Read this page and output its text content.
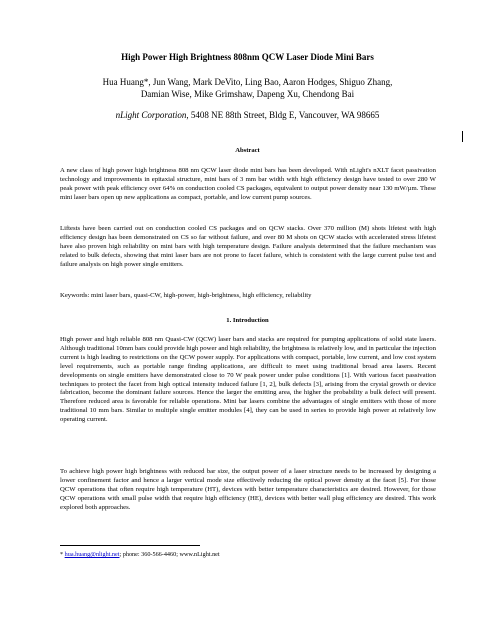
High Power High Brightness 808nm QCW Laser Diode Mini Bars
Hua Huang*, Jun Wang, Mark DeVito, Ling Bao, Aaron Hodges, Shiguo Zhang,
Damian Wise, Mike Grimshaw, Dapeng Xu, Chendong Bai
nLight Corporation, 5408 NE 88th Street, Bldg E, Vancouver, WA 98665
Abstract

A new class of high power high brightness 808 nm QCW laser diode mini bars has been developed. With nLight's nXLT facet passivation technology and improvements in epitaxial structure, mini bars of 3 mm bar width with high efficiency design have tested to over 280 W peak power with peak efficiency over 64% on conduction cooled CS packages, equivalent to output power density near 130 mW/µm. These mini laser bars open up new applications as compact, portable, and low current pump sources.

Liftests have been carried out on conduction cooled CS packages and on QCW stacks. Over 370 million (M) shots lifetest with high efficiency design has been demonstrated on CS so far without failure, and over 80 M shots on QCW stacks with accelerated stress lifetest have also proven high reliability on mini bars with high temperature design. Failure analysis determined that the failure mechanism was related to bulk defects, showing that mini laser bars are not prone to facet failure, which is consistent with the large current pulse test and failure analysis on high power single emitters.

Keywords: mini laser bars, quasi-CW, high-power, high-brightness, high efficiency, reliability

1. Introduction

High power and high reliable 808 nm Quasi-CW (QCW) laser bars and stacks are required for pumping applications of solid state lasers. Although traditional 10mm bars could provide high power and high reliability, the brightness is relatively low, and in particular the injection current is high leading to restrictions on the QCW power supply. For applications with compact, portable, low current, and low cost system level requirements, such as portable range finding applications, are difficult to meet using traditional broad area lasers. Recent developments on single emitters have demonstrated close to 70 W peak power under pulse conditions [1]. With various facet passivation techniques to protect the facet from high optical intensity induced failure [1, 2], bulk defects [3], arising from the crystal growth or device fabrication, become the dominant failure sources. Hence the larger the emitting area, the higher the probability a bulk defect will present. Therefore reduced area is favorable for reliable operations. Mini bar lasers combine the advantages of single emitters with those of more traditional 10 mm bars. Similar to multiple single emitter modules [4], they can be used in series to provide high power at relatively low operating current.

To achieve high power high brightness with reduced bar size, the output power of a laser structure needs to be increased by designing a lower confinement factor and hence a larger vertical mode size effectively reducing the optical power density at the facet [5]. For those QCW operations that often require high temperature (HT), devices with better temperature characteristics are desired. However, for those QCW operations with small pulse width that require high efficiency (HE), devices with better wall plug efficiency are desired. This work explored both approaches.

* hua.huang@nlight.net; phone: 360-566-4460; www.nLight.net
